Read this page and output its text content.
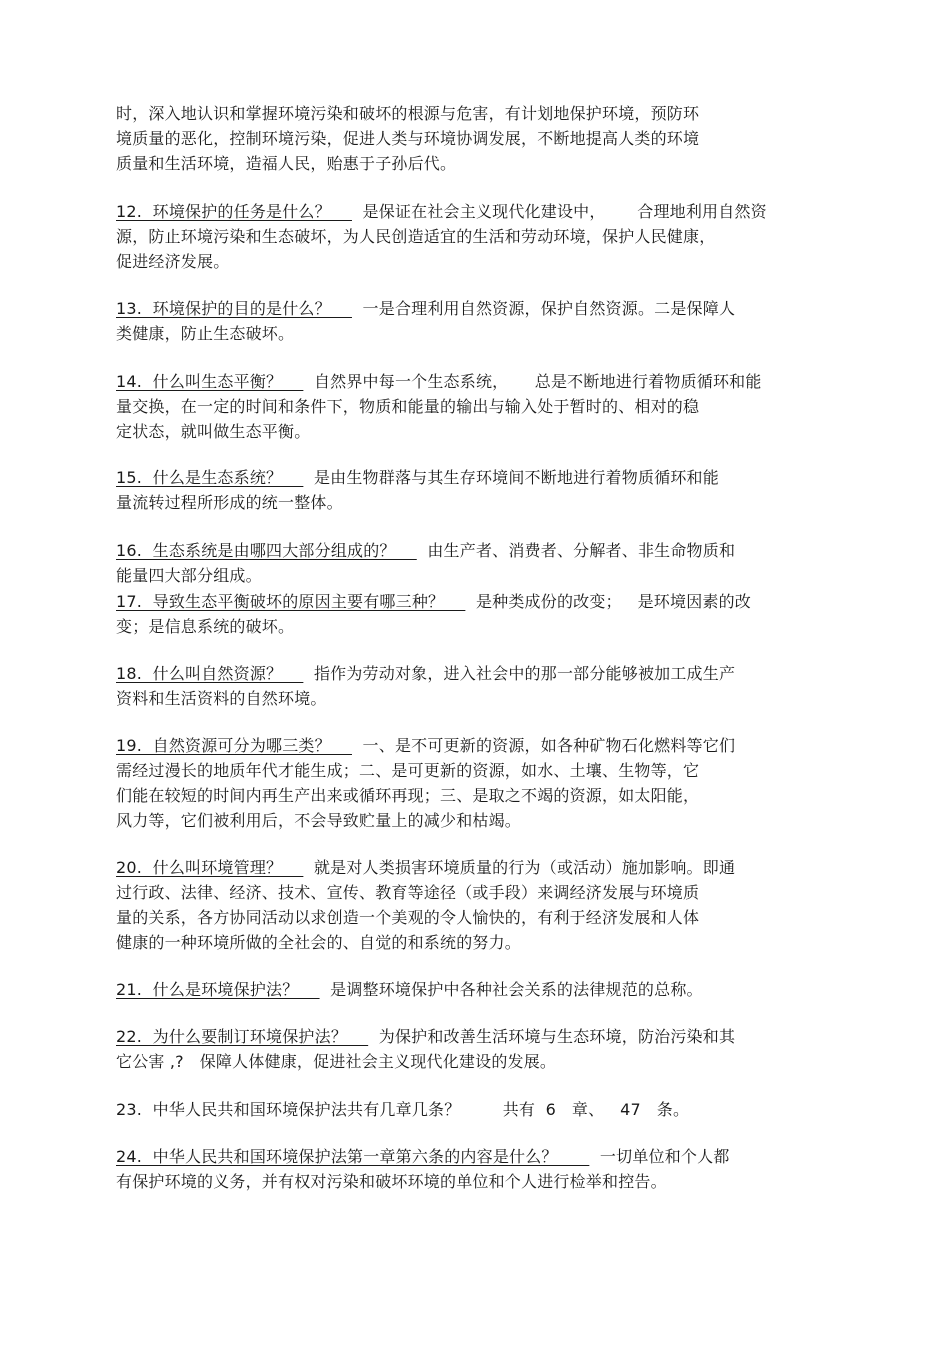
时，深入地认识和掌握环境污染和破坏的根源与危害，有计划地保护环境，预防环
境质量的恶化，控制环境污染，促进人类与环境协调发展，不断地提高人类的环境
质量和生活环境，造福人民，贻惠于子孙后代。
12.  环境保护的任务是什么？      是保证在社会主义现代化建设中，      合理地利用自然资
源，防止环境污染和生态破坏，为人民创造适宜的生活和劳动环境，保护人民健康，
促进经济发展。
13.  环境保护的目的是什么？      一是合理利用自然资源，保护自然资源。二是保障人
类健康，防止生态破坏。
14.  什么叫生态平衡？      自然界中每一个生态系统，     总是不断地进行着物质循环和能
量交换，在一定的时间和条件下，物质和能量的输出与输入处于暂时的、相对的稳
定状态，就叫做生态平衡。
15.  什么是生态系统？      是由生物群落与其生存环境间不断地进行着物质循环和能
量流转过程所形成的统一整体。
16.  生态系统是由哪四大部分组成的？      由生产者、消费者、分解者、非生命物质和
能量四大部分组成。
17.  导致生态平衡破坏的原因主要有哪三种？      是种类成份的改变；   是环境因素的改
变；是信息系统的破坏。
18.  什么叫自然资源？      指作为劳动对象，进入社会中的那一部分能够被加工成生产
资料和生活资料的自然环境。
19.  自然资源可分为哪三类？      一、是不可更新的资源，如各种矿物石化燃料等它们
需经过漫长的地质年代才能生成；二、是可更新的资源，如水、土壤、生物等，它
们能在较短的时间内再生产出来或循环再现；三、是取之不竭的资源，如太阳能，
风力等，它们被利用后，不会导致贮量上的减少和枯竭。
20.  什么叫环境管理？      就是对人类损害环境质量的行为（或活动）施加影响。即通
过行政、法律、经济、技术、宣传、教育等途径（或手段）来调经济发展与环境质
量的关系，各方协同活动以求创造一个美观的令人愉快的，有利于经济发展和人体
健康的一种环境所做的全社会的、自觉的和系统的努力。
21.  什么是环境保护法？      是调整环境保护中各种社会关系的法律规范的总称。
22.  为什么要制订环境保护法？      为保护和改善生活环境与生态环境，防治污染和其
它公害 ,?   保障人体健康，促进社会主义现代化建设的发展。
23.  中华人民共和国环境保护法共有几章几条？        共有  6   章、   47   条。
24.  中华人民共和国环境保护法第一章第六条的内容是什么？        一切单位和个人都
有保护环境的义务，并有权对污染和破坏环境的单位和个人进行检举和控告。
